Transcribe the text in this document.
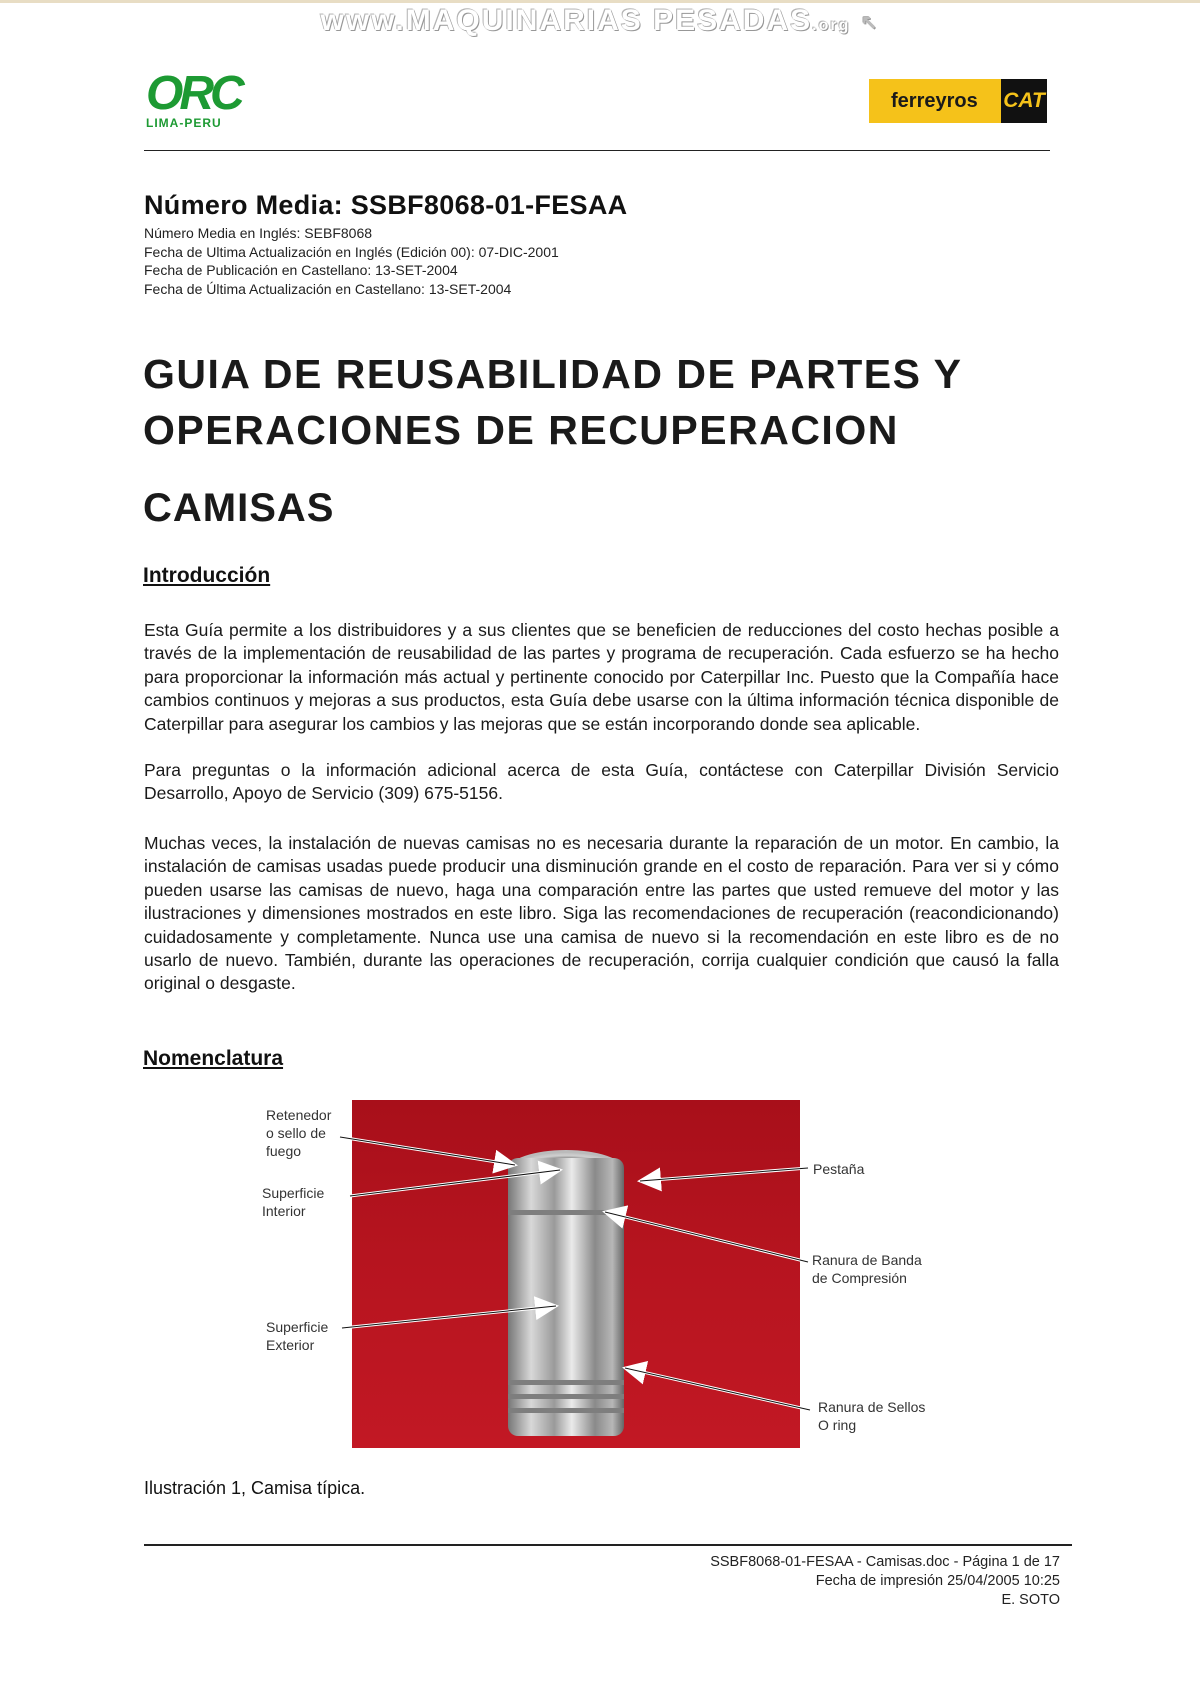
www.MAQUINARIAS PESADAS.org ↖
ORC
LIMA-PERU
ferreyros	CAT
Número Media: SSBF8068-01-FESAA
Número Media en Inglés: SEBF8068
Fecha de Ultima Actualización en Inglés (Edición 00): 07-DIC-2001
Fecha de Publicación en Castellano: 13-SET-2004
Fecha de Última Actualización en Castellano: 13-SET-2004
GUIA DE REUSABILIDAD DE PARTES Y
OPERACIONES DE RECUPERACION
CAMISAS
Introducción
Esta Guía permite a los distribuidores y a sus clientes que se beneficien de reducciones del costo hechas posible a través de la implementación de reusabilidad de las partes y programa de recuperación. Cada esfuerzo se ha hecho para proporcionar la información más actual y pertinente conocido por Caterpillar Inc. Puesto que la Compañía hace cambios continuos y mejoras a sus productos, esta Guía debe usarse con la última información técnica disponible de Caterpillar para asegurar los cambios y las mejoras que se están incorporando donde sea aplicable.
Para preguntas o la información adicional acerca de esta Guía, contáctese con Caterpillar División Servicio Desarrollo, Apoyo de Servicio (309) 675-5156.
Muchas veces, la instalación de nuevas camisas no es necesaria durante la reparación de un motor. En cambio, la instalación de camisas usadas puede producir una disminución grande en el costo de reparación. Para ver si y cómo pueden usarse las camisas de nuevo, haga una comparación entre las partes que usted remueve del motor y las ilustraciones y dimensiones mostrados en este libro. Siga las recomendaciones de recuperación (reacondicionando) cuidadosamente y completamente. Nunca use una camisa de nuevo si la recomendación en este libro es de no usarlo de nuevo. También, durante las operaciones de recuperación, corrija cualquier condición que causó la falla original o desgaste.
Nomenclatura
Retenedor
o sello de
fuego
Superficie
Interior
Superficie
Exterior
Pestaña
Ranura de Banda
de Compresión
Ranura de Sellos
O ring
Ilustración 1, Camisa típica.
SSBF8068-01-FESAA - Camisas.doc - Página 1 de 17
Fecha de impresión 25/04/2005 10:25
E. SOTO
